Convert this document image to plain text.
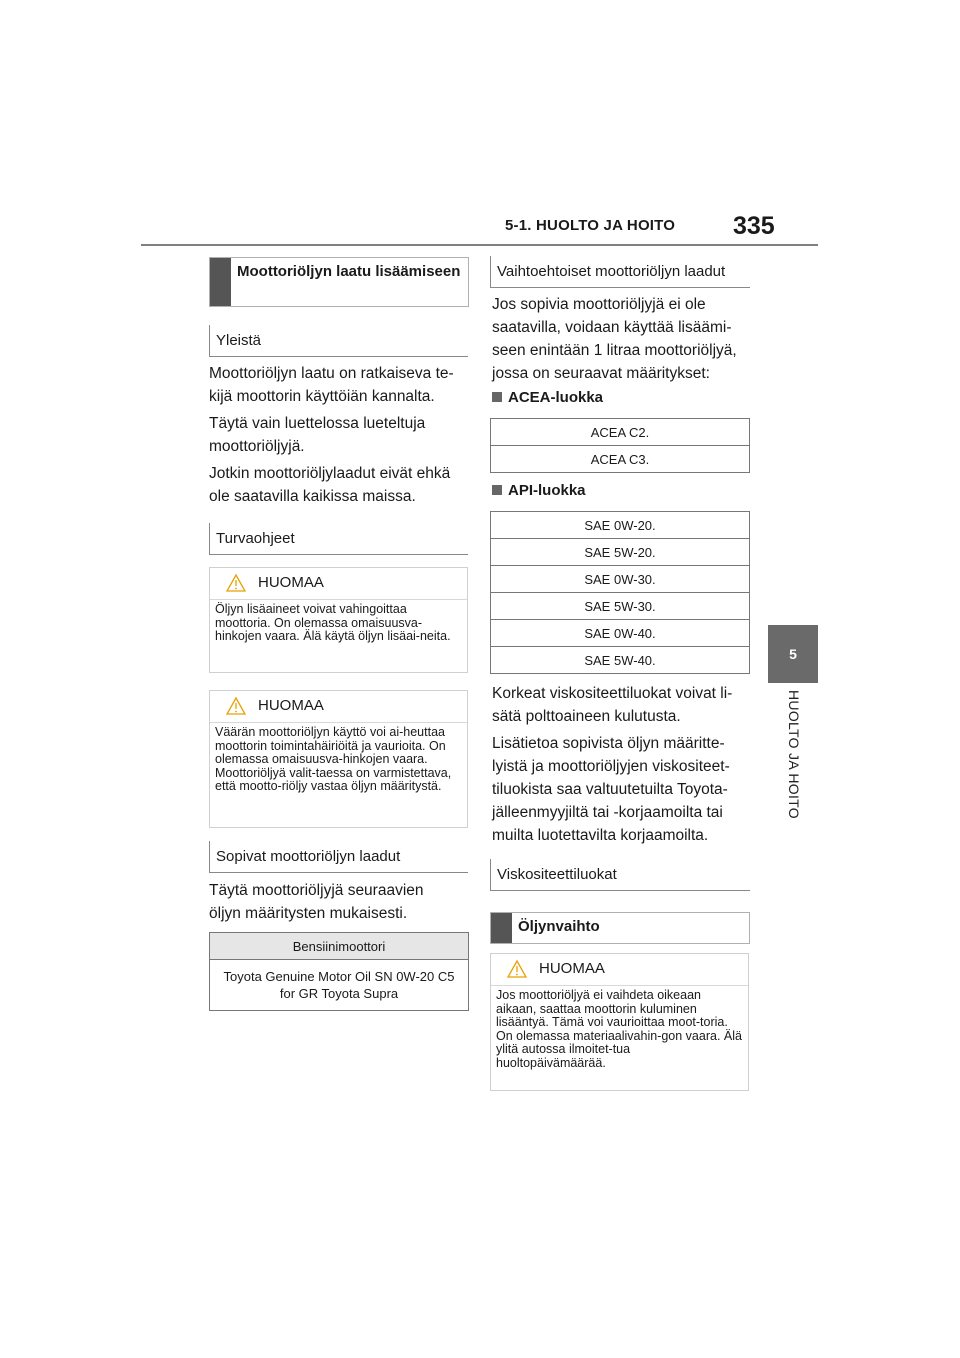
5-1. HUOLTO JA HOITO 335
5
HUOLTO JA HOITO
Moottoriöljyn laatu lisäämiseen
Yleistä

Moottoriöljyn laatu on ratkaiseva te-kijä moottorin käyttöiän kannalta.

Täytä vain luettelossa lueteltuja moottoriöljyjä.

Jotkin moottoriöljylaadut eivät ehkä ole saatavilla kaikissa maissa.

Turvaohjeet
HUOMAA
Öljyn lisäaineet voivat vahingoittaa moottoria. On olemassa omaisuusva-hinkojen vaara. Älä käytä öljyn lisäai-neita.
HUOMAA
Väärän moottoriöljyn käyttö voi ai-heuttaa moottorin toimintahäiriöitä ja vaurioita. On olemassa omaisuusva-hinkojen vaara. Moottoriöljyä valit-taessa on varmistettava, että mootto-riöljy vastaa öljyn määritystä.
Sopivat moottoriöljyn laadut

Täytä moottoriöljyjä seuraavien öljyn määritysten mukaisesti.

Bensiinimoottori
Toyota Genuine Motor Oil SN 0W-20 C5 for GR Toyota Supra
Vaihtoehtoiset moottoriöljyn laadut

Jos sopivia moottoriöljyjä ei ole saatavilla, voidaan käyttää lisäämi-seen enintään 1 litraa moottoriöljyä, jossa on seuraavat määritykset:

ACEA-luokka
ACEA C2.
ACEA C3.
API-luokka
SAE 0W-20.
SAE 5W-20.
SAE 0W-30.
SAE 5W-30.
SAE 0W-40.
SAE 5W-40.

Korkeat viskositeettiluokat voivat li-sätä polttoaineen kulutusta.

Lisätietoa sopivista öljyn määritte-lyistä ja moottoriöljyjen viskositeet-tiluokista saa valtuutetuilta Toyota-jälleenmyyjiltä tai -korjaamoilta tai muilta luotettavilta korjaamoilta.

Viskositeettiluokat
Öljynvaihto
HUOMAA
Jos moottoriöljyä ei vaihdeta oikeaan aikaan, saattaa moottorin kuluminen lisääntyä. Tämä voi vaurioittaa moot-toria. On olemassa materiaalivahin-gon vaara. Älä ylitä autossa ilmoitet-tua huoltopäivämäärää.
